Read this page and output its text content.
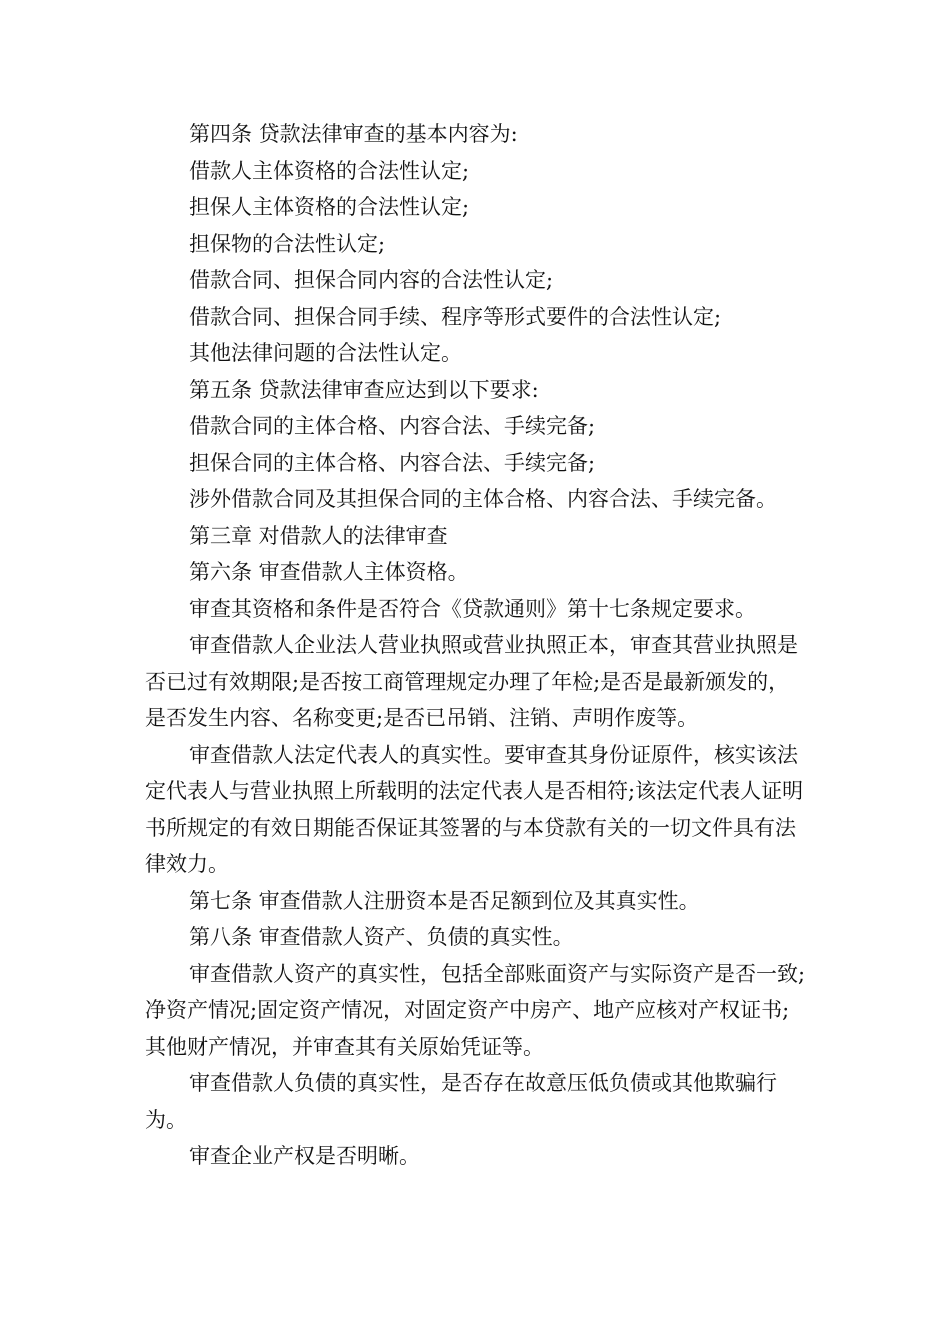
第四条 贷款法律审查的基本内容为:

借款人主体资格的合法性认定;

担保人主体资格的合法性认定;

担保物的合法性认定;

借款合同、担保合同内容的合法性认定;

借款合同、担保合同手续、程序等形式要件的合法性认定;

其他法律问题的合法性认定。

第五条 贷款法律审查应达到以下要求:

借款合同的主体合格、内容合法、手续完备;

担保合同的主体合格、内容合法、手续完备;

涉外借款合同及其担保合同的主体合格、内容合法、手续完备。

第三章 对借款人的法律审查

第六条 审查借款人主体资格。

审查其资格和条件是否符合《贷款通则》第十七条规定要求。

审查借款人企业法人营业执照或营业执照正本，审查其营业执照是否已过有效期限;是否按工商管理规定办理了年检;是否是最新颁发的，是否发生内容、名称变更;是否已吊销、注销、声明作废等。

审查借款人法定代表人的真实性。要审查其身份证原件，核实该法定代表人与营业执照上所载明的法定代表人是否相符;该法定代表人证明书所规定的有效日期能否保证其签署的与本贷款有关的一切文件具有法律效力。

第七条 审查借款人注册资本是否足额到位及其真实性。

第八条 审查借款人资产、负债的真实性。

审查借款人资产的真实性，包括全部账面资产与实际资产是否一致;净资产情况;固定资产情况，对固定资产中房产、地产应核对产权证书;其他财产情况，并审查其有关原始凭证等。

审查借款人负债的真实性，是否存在故意压低负债或其他欺骗行为。

审查企业产权是否明晰。
